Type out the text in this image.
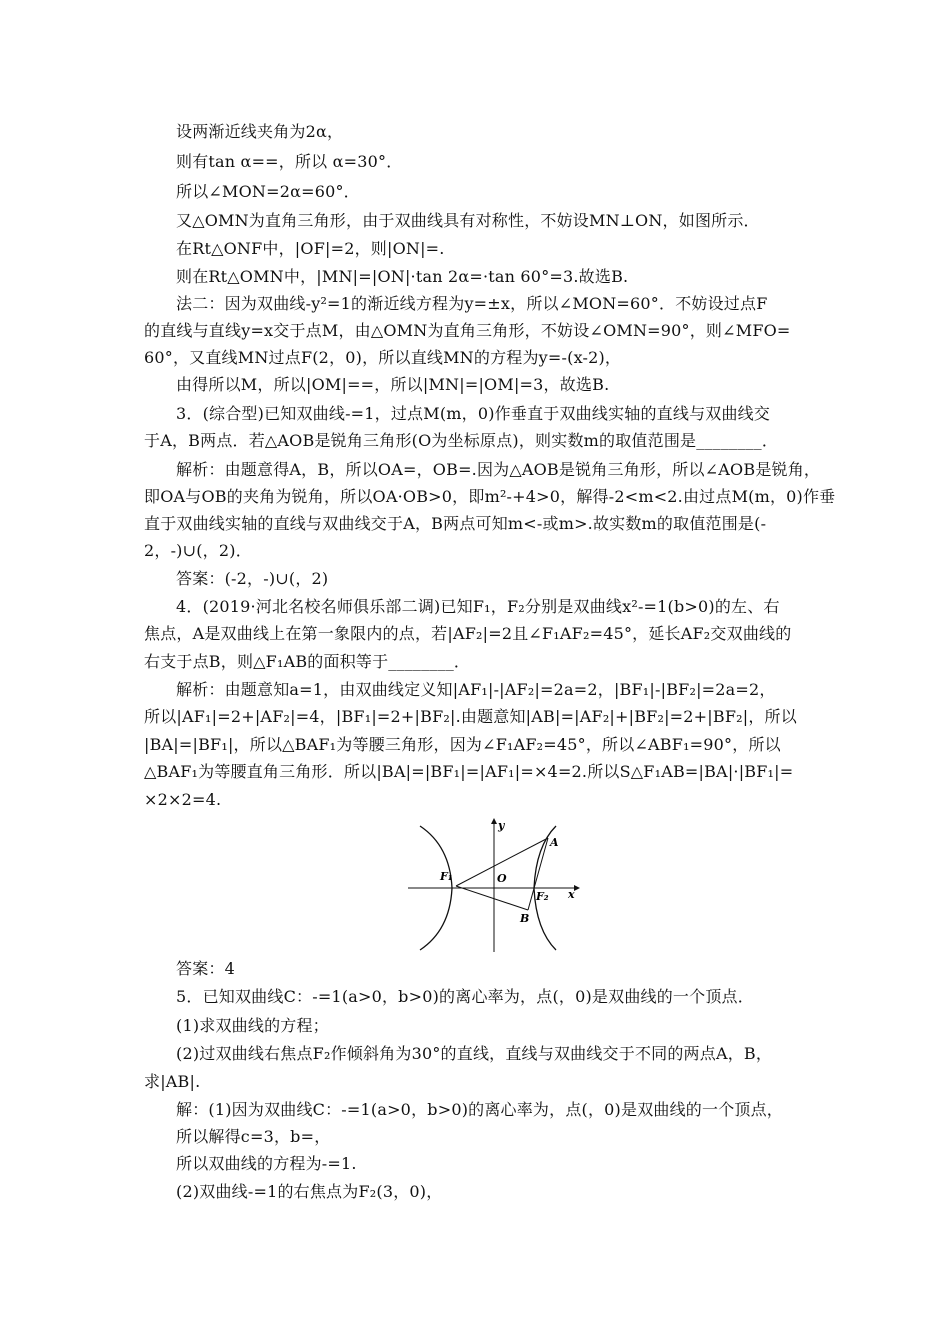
设两渐近线夹角为2α，
则有tan α==，所以 α=30°．
所以∠MON=2α=60°．
又△OMN为直角三角形，由于双曲线具有对称性，不妨设MN⊥ON，如图所示．
在Rt△ONF中，|OF|=2，则|ON|=.
则在Rt△OMN中，|MN|=|ON|·tan 2α=·tan 60°=3.故选B.
法二：因为双曲线-y²=1的渐近线方程为y=±x，所以∠MON=60°．不妨设过点F
的直线与直线y=x交于点M，由△OMN为直角三角形，不妨设∠OMN=90°，则∠MFO=
60°，又直线MN过点F(2，0)，所以直线MN的方程为y=-(x-2)，
由得所以M，所以|OM|==，所以|MN|=|OM|=3，故选B.
3．(综合型)已知双曲线-=1，过点M(m，0)作垂直于双曲线实轴的直线与双曲线交
于A，B两点．若△AOB是锐角三角形(O为坐标原点)，则实数m的取值范围是________．
解析：由题意得A，B，所以OA=，OB=.因为△AOB是锐角三角形，所以∠AOB是锐角，
即OA与OB的夹角为锐角，所以OA·OB>0，即m²-+4>0，解得-2<m<2.由过点M(m，0)作垂
直于双曲线实轴的直线与双曲线交于A，B两点可知m<-或m>.故实数m的取值范围是(-
2，-)∪(，2)．
答案：(-2，-)∪(，2)
4．(2019·河北名校名师俱乐部二调)已知F₁，F₂分别是双曲线x²-=1(b>0)的左、右
焦点，A是双曲线上在第一象限内的点，若|AF₂|=2且∠F₁AF₂=45°，延长AF₂交双曲线的
右支于点B，则△F₁AB的面积等于________．
解析：由题意知a=1，由双曲线定义知|AF₁|-|AF₂|=2a=2，|BF₁|-|BF₂|=2a=2，
所以|AF₁|=2+|AF₂|=4，|BF₁|=2+|BF₂|.由题意知|AB|=|AF₂|+|BF₂|=2+|BF₂|，所以
|BA|=|BF₁|，所以△BAF₁为等腰三角形，因为∠F₁AF₂=45°，所以∠ABF₁=90°，所以
△BAF₁为等腰直角三角形．所以|BA|=|BF₁|=|AF₁|=×4=2.所以S△F₁AB=|BA|·|BF₁|=
×2×2=4.
y
A
F₁	O
F₂ x
B
答案：4
5．已知双曲线C：-=1(a>0，b>0)的离心率为，点(，0)是双曲线的一个顶点．
(1)求双曲线的方程；
(2)过双曲线右焦点F₂作倾斜角为30°的直线，直线与双曲线交于不同的两点A，B，
求|AB|.
解：(1)因为双曲线C：-=1(a>0，b>0)的离心率为，点(，0)是双曲线的一个顶点，
所以解得c=3，b=，
所以双曲线的方程为-=1.
(2)双曲线-=1的右焦点为F₂(3，0)，
